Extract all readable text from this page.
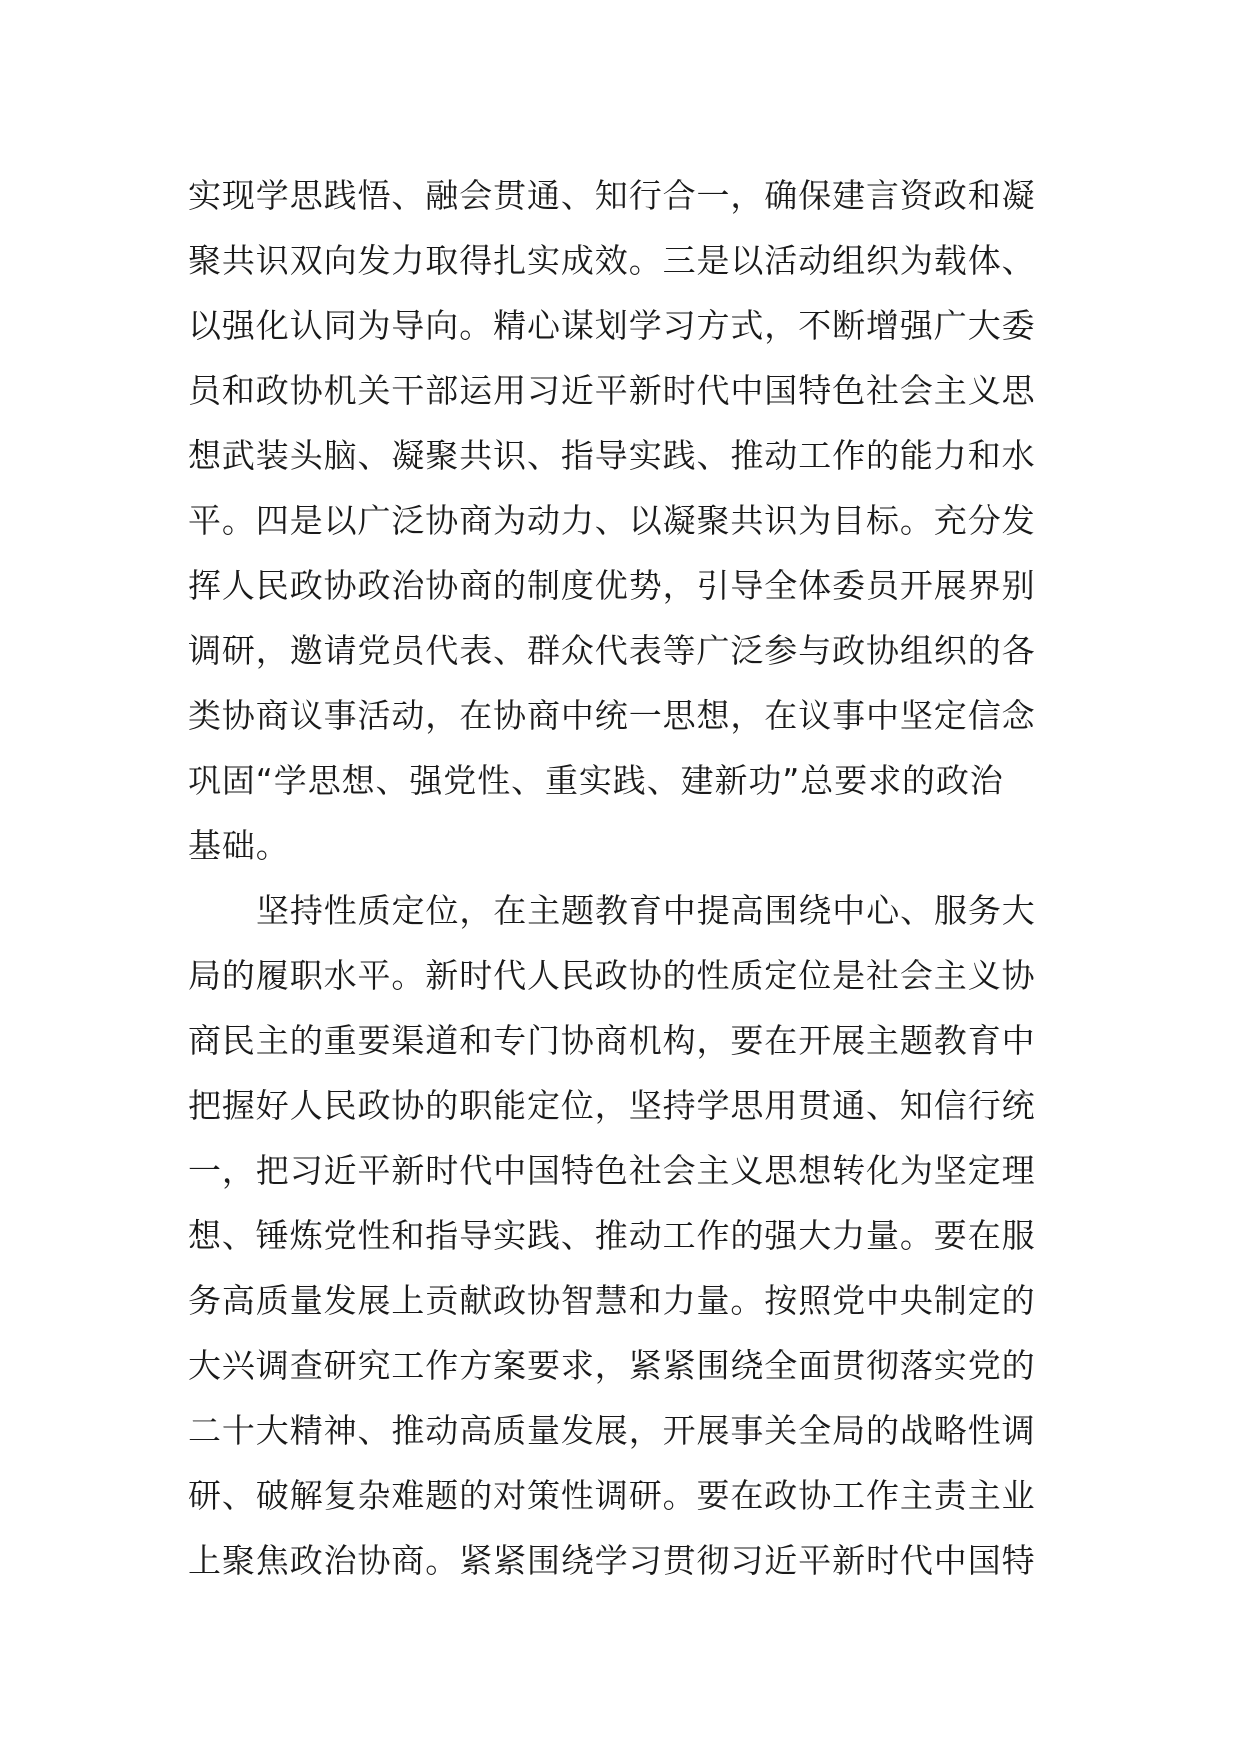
实现学思践悟、融会贯通、知行合一，确保建言资政和凝
聚共识双向发力取得扎实成效。三是以活动组织为载体、
以强化认同为导向。精心谋划学习方式，不断增强广大委
员和政协机关干部运用习近平新时代中国特色社会主义思
想武装头脑、凝聚共识、指导实践、推动工作的能力和水
平。四是以广泛协商为动力、以凝聚共识为目标。充分发
挥人民政协政治协商的制度优势，引导全体委员开展界别
调研，邀请党员代表、群众代表等广泛参与政协组织的各
类协商议事活动，在协商中统一思想，在议事中坚定信念
巩固“学思想、强党性、重实践、建新功”总要求的政治
基础。
坚持性质定位，在主题教育中提高围绕中心、服务大
局的履职水平。新时代人民政协的性质定位是社会主义协
商民主的重要渠道和专门协商机构，要在开展主题教育中
把握好人民政协的职能定位，坚持学思用贯通、知信行统
一，把习近平新时代中国特色社会主义思想转化为坚定理
想、锤炼党性和指导实践、推动工作的强大力量。要在服
务高质量发展上贡献政协智慧和力量。按照党中央制定的
大兴调查研究工作方案要求，紧紧围绕全面贯彻落实党的
二十大精神、推动高质量发展，开展事关全局的战略性调
研、破解复杂难题的对策性调研。要在政协工作主责主业
上聚焦政治协商。紧紧围绕学习贯彻习近平新时代中国特
